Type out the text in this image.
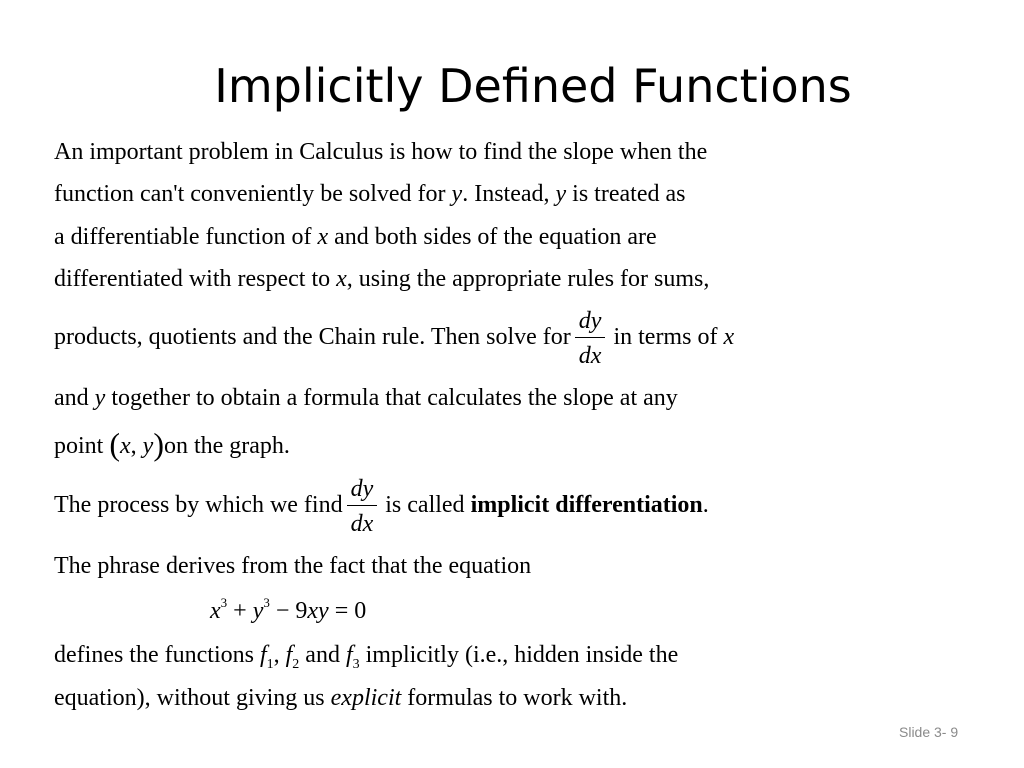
Implicitly Defined Functions
An important problem in Calculus is how to find the slope when the
function can't conveniently be solved for y. Instead, y is treated as
a differentiable function of x and both sides of the equation are
differentiated with respect to x, using the appropriate rules for sums,
products, quotients and the Chain rule. Then solve for $\frac{dy}{dx}$ in terms of x
and y together to obtain a formula that calculates the slope at any
point (x, y)on the graph.
The process by which we find $\frac{dy}{dx}$ is called implicit differentiation.
The phrase derives from the fact that the equation
$x^3 + y^3 - 9xy = 0$
defines the functions $f_1$, $f_2$ and $f_3$ implicitly (i.e., hidden inside the
equation), without giving us explicit formulas to work with.
Slide 3- 9
